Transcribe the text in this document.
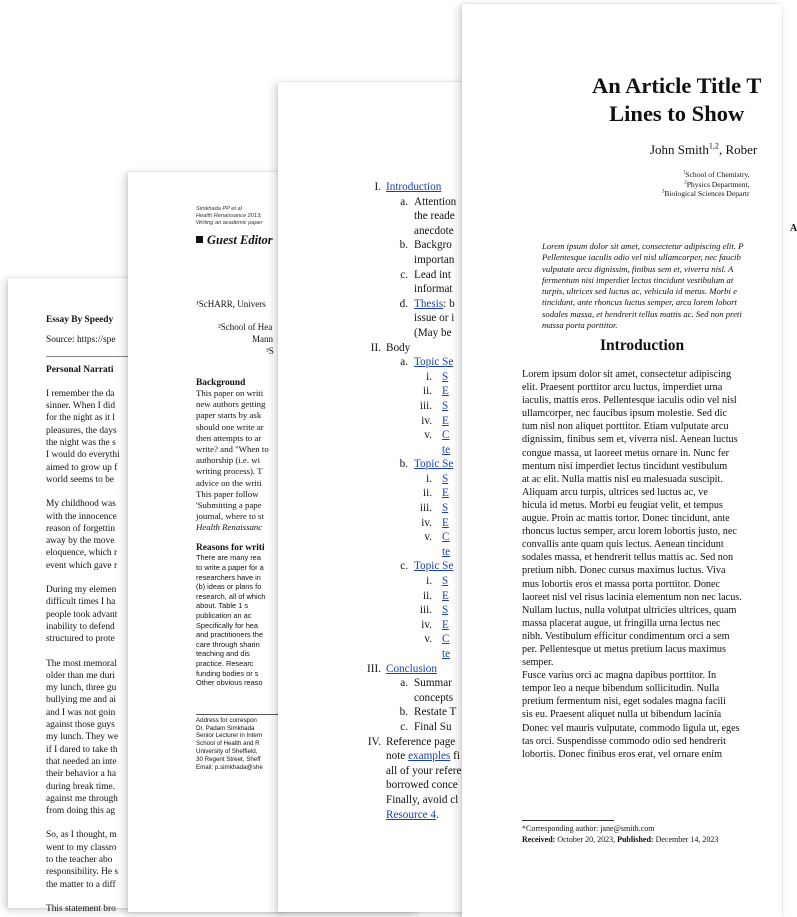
Essay By Speedy
Source: https://spe
Personal Narrati
I remember the da
sinner. When I did
for the night as it l
pleasures, the days
the night was the s
I would do everythi
aimed to grow up f
world seems to be
My childhood was
with the innocence
reason of forgettin
away by the move
eloquence, which r
event which gave r
During my elemen
difficult times I ha
people took advant
inability to defend
structured to prote
The most memoral
older than me duri
my lunch, three gu
bullying me and ai
and I was not goin
against those guys
my lunch. They we
if I dared to take th
that needed an inte
their behavior a ha
during break time.
against me through
from doing this ag
So, as I thought, m
went to my classro
to the teacher abo
responsibility. He s
the matter to a diff
This statement bro
Simkhada PP et al
Health Renaissance 2013;
Writing an academic paper
Guest Editor
¹ScHARR, Univers
²School of Hea
Mann
³S
Background
This paper on writi
new authors getting
paper starts by ask
should one write ar
then attempts to ar
write? and "When to
authorship (i.e. wi
writing process). T
advice on the writi
This paper follow
'Submitting a pape
journal, where to st
Health Renaissanc
Reasons for writi
There are many rea
to write a paper for a
researchers have in
(b) ideas or plans fo
research, all of which
about. Table 1 s
publication an ac
Specifically for hea
and practitioners the
care through sharin
teaching and dis
practice. Researc
funding bodies or s
Other obvious reaso
Address for correspon
Dr. Padam Simkhada
Senior Lecturer in Intern
School of Health and R
University of Sheffield,
30 Regent Street, Sheff
Email: p.simkhada@she
I. Introduction
a. Attention
the reade
anecdote
b. Backgro
importan
c. Lead int
informat
d. Thesis: b
issue or i
(May be
II. Body
a. Topic Se
i. S
ii. E
iii. S
iv. E
v. C
te
b. Topic Se
i. S
ii. E
iii. S
iv. E
v. C
te
c. Topic Se
i. S
ii. E
iii. S
iv. E
v. C
te
III. Conclusion
a. Summar
concepts
b. Restate T
c. Final Su
IV. Reference page
note examples fi
all of your refere
borrowed conce
Finally, avoid cl
Resource 4.
An Article Title T
Lines to Show
John Smith$^{1,2}$, Rober
$^1$School of Chemistry,
$^2$Physics Department,
$^3$Biological Sciences Departr
A
Lorem ipsum dolor sit amet, consectetur adipiscing elit. P
Pellentesque iaculis odio vel nisl ullamcorper, nec faucib
vulputate arcu dignissim, finibus sem et, viverra nisl. A
fermentum nisi imperdiet lectus tincidunt vestibulum at
turpis, ultrices sed luctus ac, vehicula id metus. Morbi e
tincidunt, ante rhoncus luctus semper, arcu lorem lobort
sodales massa, et hendrerit tellus mattis ac. Sed non preti
massa porta porttitor.
Introduction
Lorem ipsum dolor sit amet, consectetur adipiscing
elit. Praesent porttitor arcu luctus, imperdiet urna
iaculis, mattis eros. Pellentesque iaculis odio vel nisl
ullamcorper, nec faucibus ipsum molestie. Sed dic
tum nisl non aliquet porttitor. Etiam vulputate arcu
dignissim, finibus sem et, viverra nisl. Aenean luctus
congue massa, ut laoreet metus ornare in. Nunc fer
mentum nisi imperdiet lectus tincidunt vestibulum
at ac elit. Nulla mattis nisl eu malesuada suscipit.
Aliquam arcu turpis, ultrices sed luctus ac, ve
hicula id metus. Morbi eu feugiat velit, et tempus
augue. Proin ac mattis tortor. Donec tincidunt, ante
rhoncus luctus semper, arcu lorem lobortis justo, nec
convallis ante quam quis lectus. Aenean tincidunt
sodales massa, et hendrerit tellus mattis ac. Sed non
pretium nibh. Donec cursus maximus luctus. Viva
mus lobortis eros et massa porta porttitor. Donec
laoreet nisl vel risus lacinia elementum non nec lacus.
Nullam luctus, nulla volutpat ultricies ultrices, quam
massa placerat augue, ut fringilla urna lectus nec
nibh. Vestibulum efficitur condimentum orci a sem
per. Pellentesque ut metus pretium lacus maximus
semper.
Fusce varius orci ac magna dapibus porttitor. In
tempor leo a neque bibendum sollicitudin. Nulla
pretium fermentum nisi, eget sodales magna facili
sis eu. Praesent aliquet nulla ut bibendum lacinia
Donec vel mauris vulputate, commodo ligula ut, eges
tas orci. Suspendisse commodo odio sed hendrerit
lobortis. Donec finibus eros erat, vel ornare enim
*Corresponding author: jane@smith.com
Received: October 20, 2023, Published: December 14, 2023
